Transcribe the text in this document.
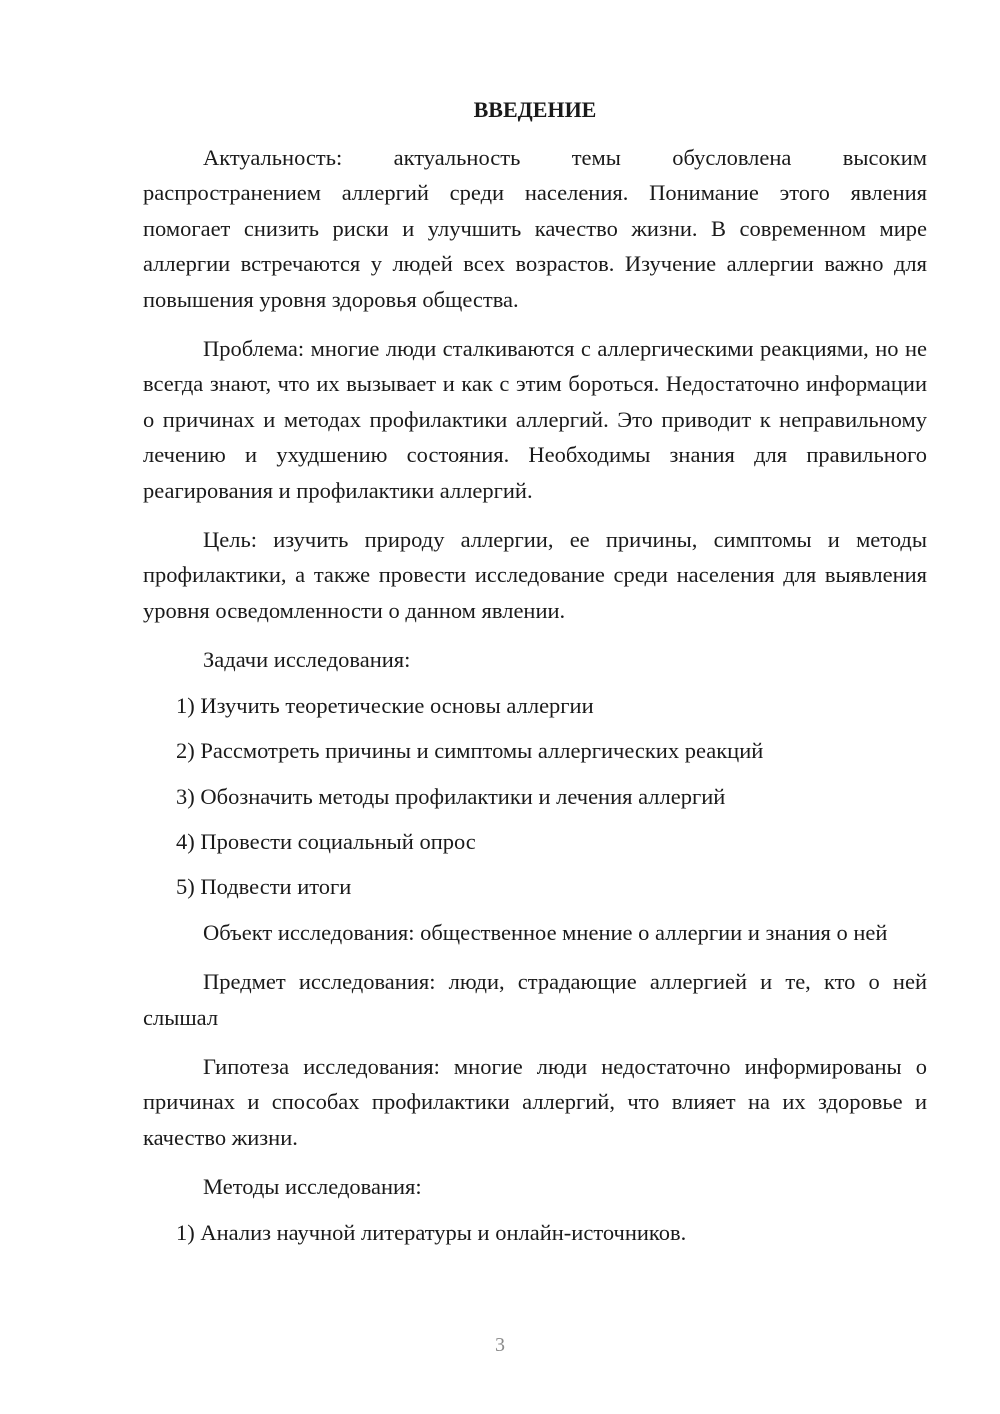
ВВЕДЕНИЕ

Актуальность: актуальность темы обусловлена высоким распространением аллергий среди населения. Понимание этого явления помогает снизить риски и улучшить качество жизни. В современном мире аллергии встречаются у людей всех возрастов. Изучение аллергии важно для повышения уровня здоровья общества.

Проблема: многие люди сталкиваются с аллергическими реакциями, но не всегда знают, что их вызывает и как с этим бороться. Недостаточно информации о причинах и методах профилактики аллергий. Это приводит к неправильному лечению и ухудшению состояния. Необходимы знания для правильного реагирования и профилактики аллергий.

Цель: изучить природу аллергии, ее причины, симптомы и методы профилактики, а также провести исследование среди населения для выявления уровня осведомленности о данном явлении.

Задачи исследования:

1) Изучить теоретические основы аллергии
2) Рассмотреть причины и симптомы аллергических реакций
3) Обозначить методы профилактики и лечения аллергий
4) Провести социальный опрос
5) Подвести итоги

Объект исследования: общественное мнение о аллергии и знания о ней

Предмет исследования: люди, страдающие аллергией и те, кто о ней слышал

Гипотеза исследования: многие люди недостаточно информированы о причинах и способах профилактики аллергий, что влияет на их здоровье и качество жизни.

Методы исследования:

1) Анализ научной литературы и онлайн-источников.
3
